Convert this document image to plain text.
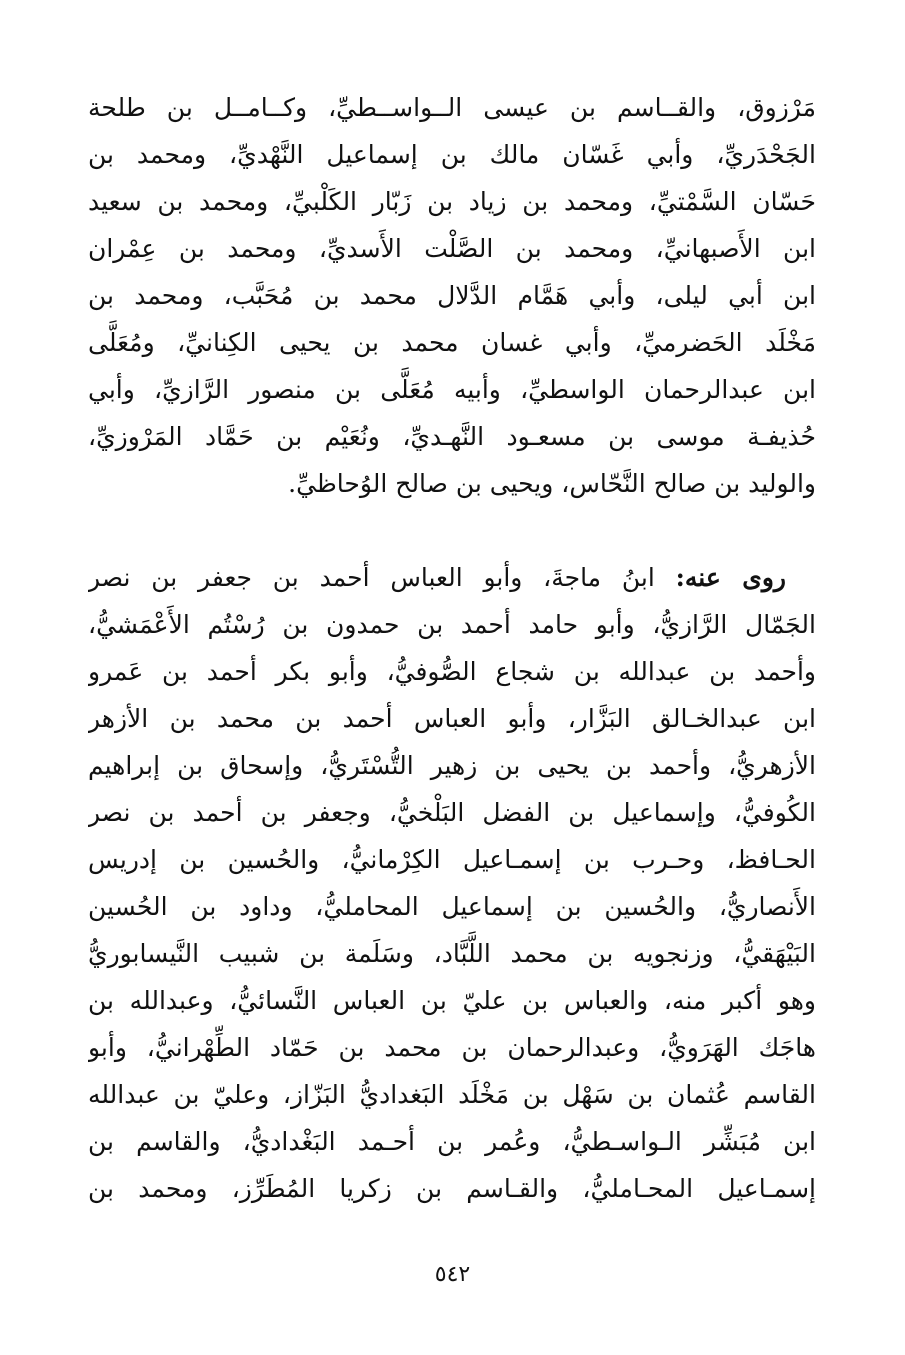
مَرْزوق، والقــاسم بن عيسى الــواســطيِّ، وكــامــل بن طلحة
الجَحْدَريِّ، وأبي غَسّان مالك بن إسماعيل النَّهْديِّ، ومحمد بن
حَسّان السَّمْتيِّ، ومحمد بن زياد بن زَبّار الكَلْبيِّ، ومحمد بن سعيد
ابن الأَصبهانيِّ، ومحمد بن الصَّلْت الأَسديِّ، ومحمد بن عِمْران
ابن أبي ليلى، وأبي هَمَّام الدَّلال محمد بن مُحَبَّب، ومحمد بن
مَخْلَد الحَضرميِّ، وأبي غسان محمد بن يحيى الكِنانيِّ، ومُعَلَّى
ابن عبدالرحمان الواسطيِّ، وأبيه مُعَلَّى بن منصور الرَّازيِّ، وأبي
حُذيفـة موسى بن مسعـود النَّهـديِّ، ونُعَيْم بن حَمَّاد المَرْوزيِّ،
والوليد بن صالح النَّحّاس، ويحيى بن صالح الوُحاظيِّ.
روى عنه: ابنُ ماجةَ، وأبو العباس أحمد بن جعفر بن نصر
الجَمّال الرَّازيُّ، وأبو حامد أحمد بن حمدون بن رُسْتُم الأَعْمَشيُّ،
وأحمد بن عبدالله بن شجاع الصُّوفيُّ، وأبو بكر أحمد بن عَمرو
ابن عبدالخـالق البَزَّار، وأبو العباس أحمد بن محمد بن الأزهر
الأزهريُّ، وأحمد بن يحيى بن زهير التُّسْتَريُّ، وإسحاق بن إبراهيم
الكُوفيُّ، وإسماعيل بن الفضل البَلْخيُّ، وجعفر بن أحمد بن نصر
الحـافظ، وحـرب بن إسمـاعيل الكِرْمانيُّ، والحُسين بن إدريس
الأَنصاريُّ، والحُسين بن إسماعيل المحامليُّ، وداود بن الحُسين
البَيْهَقيُّ، وزنجويه بن محمد اللَّبَّاد، وسَلَمة بن شبيب النَّيسابوريُّ
وهو أكبر منه، والعباس بن عليّ بن العباس النَّسائيُّ، وعبدالله بن
هاجَك الهَرَويُّ، وعبدالرحمان بن محمد بن حَمّاد الطِّهْرانيُّ، وأبو
القاسم عُثمان بن سَهْل بن مَخْلَد البَغداديُّ البَزّاز، وعليّ بن عبدالله
ابن مُبَشِّر الـواسـطيُّ، وعُمر بن أحـمد البَغْداديُّ، والقاسم بن
إسمـاعيل المحـامليُّ، والقـاسم بن زكريا المُطَرِّز، ومحمد بن
٥٤٢
